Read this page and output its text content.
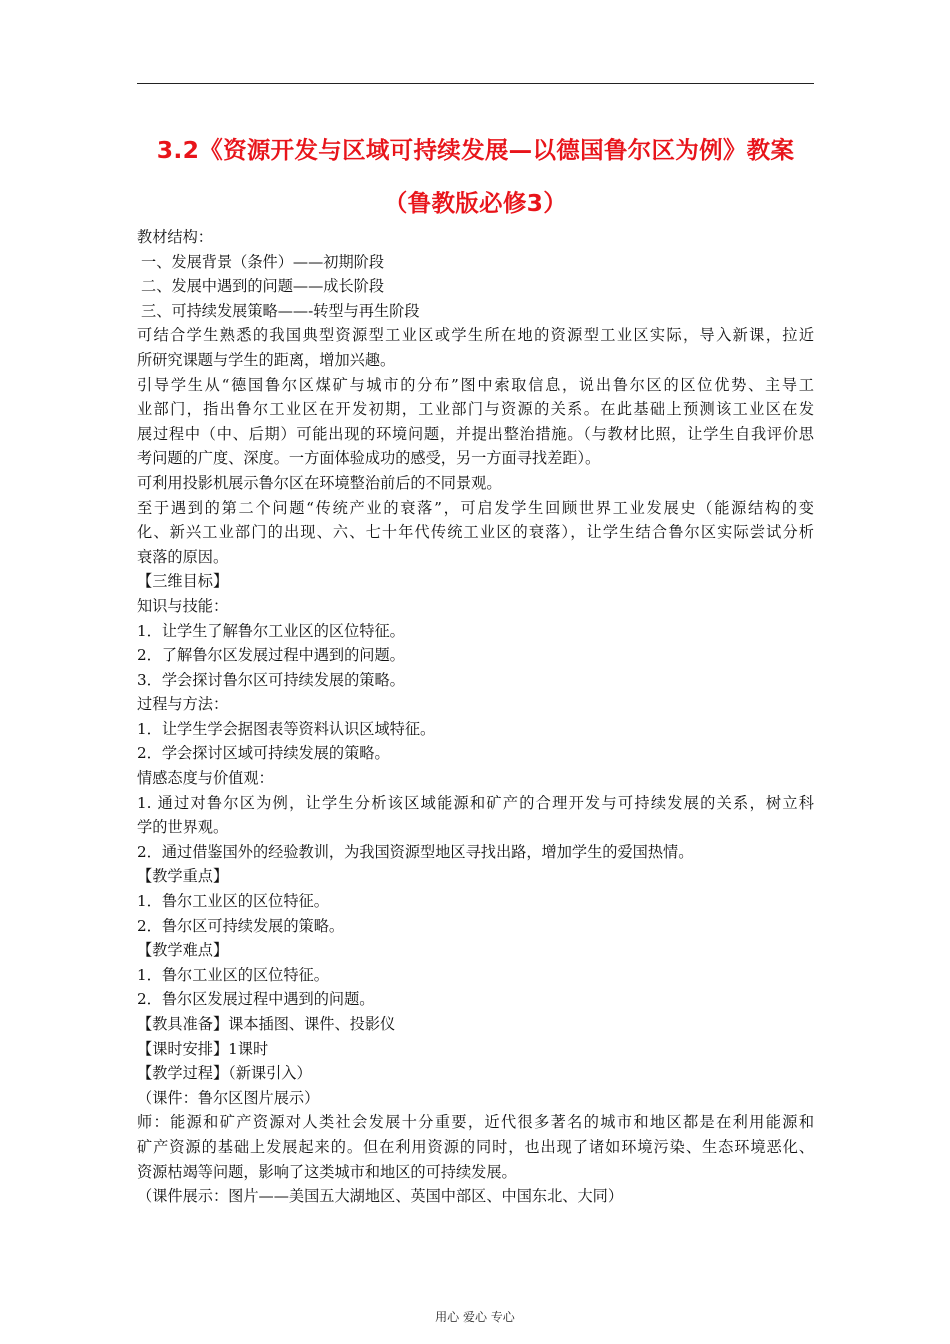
3.2《资源开发与区域可持续发展—以德国鲁尔区为例》教案
（鲁教版必修3）
教材结构：
一、发展背景（条件）——初期阶段
二、发展中遇到的问题——成长阶段
三、可持续发展策略——-转型与再生阶段
可结合学生熟悉的我国典型资源型工业区或学生所在地的资源型工业区实际，导入新课，拉近
所研究课题与学生的距离，增加兴趣。
引导学生从“德国鲁尔区煤矿与城市的分布”图中索取信息，说出鲁尔区的区位优势、主导工
业部门，指出鲁尔工业区在开发初期，工业部门与资源的关系。在此基础上预测该工业区在发
展过程中（中、后期）可能出现的环境问题，并提出整治措施。（与教材比照，让学生自我评价思
考问题的广度、深度。一方面体验成功的感受，另一方面寻找差距）。
可利用投影机展示鲁尔区在环境整治前后的不同景观。
至于遇到的第二个问题“传统产业的衰落”，可启发学生回顾世界工业发展史（能源结构的变
化、新兴工业部门的出现、六、七十年代传统工业区的衰落），让学生结合鲁尔区实际尝试分析
衰落的原因。
【三维目标】
知识与技能：
1．让学生了解鲁尔工业区的区位特征。
2．了解鲁尔区发展过程中遇到的问题。
3．学会探讨鲁尔区可持续发展的策略。
过程与方法：
1．让学生学会据图表等资料认识区域特征。
2．学会探讨区域可持续发展的策略。
情感态度与价值观：
1. 通过对鲁尔区为例，让学生分析该区域能源和矿产的合理开发与可持续发展的关系，树立科
学的世界观。
2．通过借鉴国外的经验教训，为我国资源型地区寻找出路，增加学生的爱国热情。
【教学重点】
1．鲁尔工业区的区位特征。
2．鲁尔区可持续发展的策略。
【教学难点】
1．鲁尔工业区的区位特征。
2．鲁尔区发展过程中遇到的问题。
【教具准备】课本插图、课件、投影仪
【课时安排】1课时
【教学过程】（新课引入）
（课件：鲁尔区图片展示）
师：能源和矿产资源对人类社会发展十分重要，近代很多著名的城市和地区都是在利用能源和
矿产资源的基础上发展起来的。但在利用资源的同时，也出现了诸如环境污染、生态环境恶化、
资源枯竭等问题，影响了这类城市和地区的可持续发展。
（课件展示：图片——美国五大湖地区、英国中部区、中国东北、大同）
用心 爱心 专心
